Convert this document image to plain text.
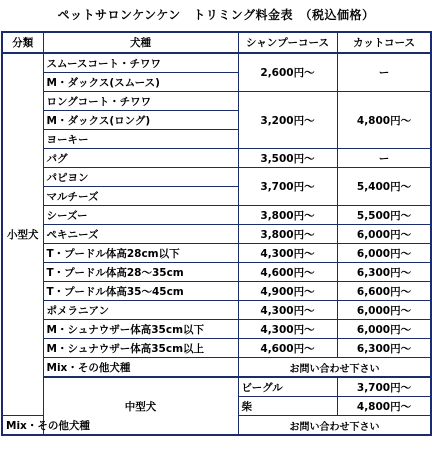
ペットサロンケンケン　トリミング料金表　（税込価格）
分類	犬種	シャンプーコース	カットコース	
小型犬	スムースコート・チワワ	2,600円～	ー	
	M・ダックス(スムース)			
	ロングコート・チワワ	3,200円～	4,800円～	
	M・ダックス(ロング)			
	ヨーキー			
	パグ	3,500円～	ー	
	パピヨン	3,700円～	5,400円～	
	マルチーズ			
	シーズー	3,800円～	5,500円～	
	ペキニーズ	3,800円～	6,000円～	
	T・プードル体高28cm以下	4,300円～	6,000円～	
	T・プードル体高28～35cm	4,600円～	6,300円～	
	T・プードル体高35～45cm	4,900円～	6,600円～	
	ポメラニアン	4,300円～	6,000円～	
	M・シュナウザー体高35cm以下	4,300円～	6,000円～	
	M・シュナウザー体高35cm以上	4,600円～	6,300円～	
	Mix・その他犬種	お問い合わせ下さい		
	中型犬	ビーグル	3,700円～	
		柴	4,800円～	
Mix・その他犬種		お問い合わせ下さい		
